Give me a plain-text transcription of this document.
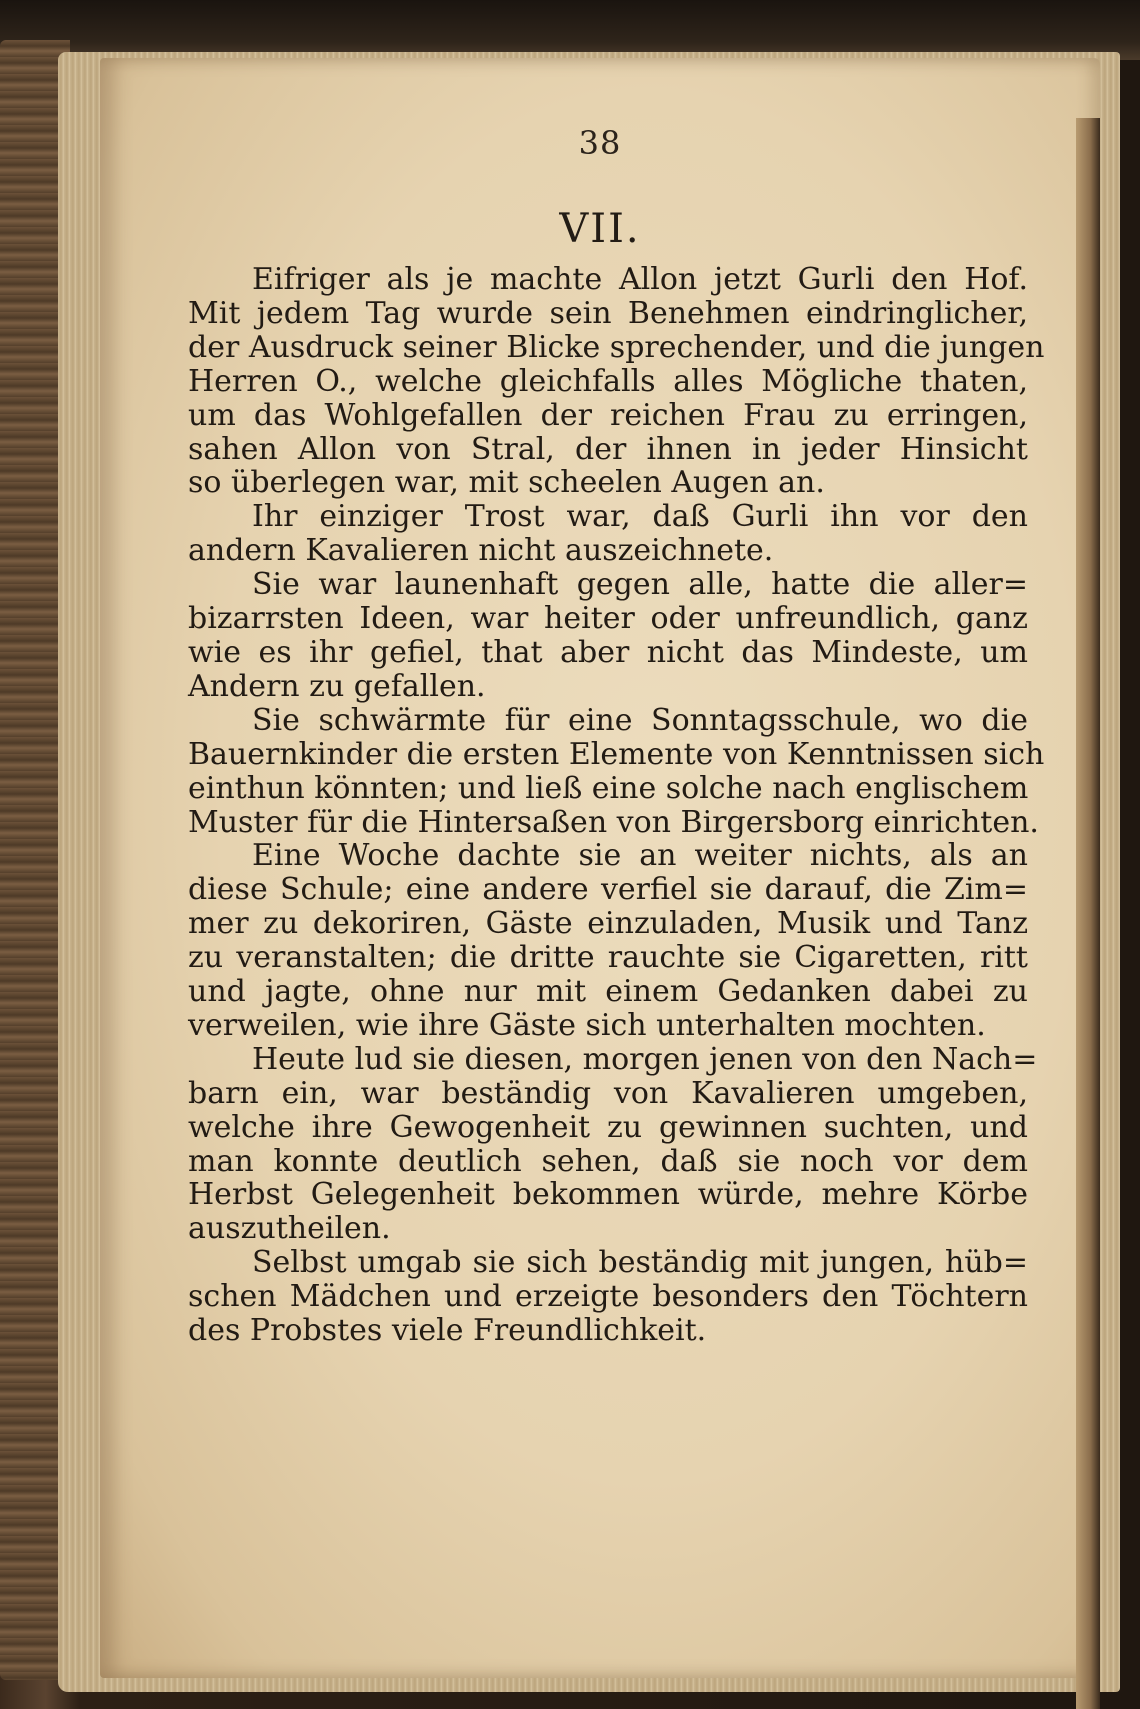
38
VII.
Eifriger als je machte Allon jetzt Gurli den Hof.
Mit jedem Tag wurde sein Benehmen eindringlicher,
der Ausdruck seiner Blicke sprechender, und die jungen
Herren O., welche gleichfalls alles Mögliche thaten,
um das Wohlgefallen der reichen Frau zu erringen,
sahen Allon von Stral, der ihnen in jeder Hinsicht
so überlegen war, mit scheelen Augen an.
Ihr einziger Trost war, daß Gurli ihn vor den
andern Kavalieren nicht auszeichnete.
Sie war launenhaft gegen alle, hatte die aller=
bizarrsten Ideen, war heiter oder unfreundlich, ganz
wie es ihr gefiel, that aber nicht das Mindeste, um
Andern zu gefallen.
Sie schwärmte für eine Sonntagsschule, wo die
Bauernkinder die ersten Elemente von Kenntnissen sich
einthun könnten; und ließ eine solche nach englischem
Muster für die Hintersaßen von Birgersborg einrichten.
Eine Woche dachte sie an weiter nichts, als an
diese Schule; eine andere verfiel sie darauf, die Zim=
mer zu dekoriren, Gäste einzuladen, Musik und Tanz
zu veranstalten; die dritte rauchte sie Cigaretten, ritt
und jagte, ohne nur mit einem Gedanken dabei zu
verweilen, wie ihre Gäste sich unterhalten mochten.
Heute lud sie diesen, morgen jenen von den Nach=
barn ein, war beständig von Kavalieren umgeben,
welche ihre Gewogenheit zu gewinnen suchten, und
man konnte deutlich sehen, daß sie noch vor dem
Herbst Gelegenheit bekommen würde, mehre Körbe
auszutheilen.
Selbst umgab sie sich beständig mit jungen, hüb=
schen Mädchen und erzeigte besonders den Töchtern
des Probstes viele Freundlichkeit.
